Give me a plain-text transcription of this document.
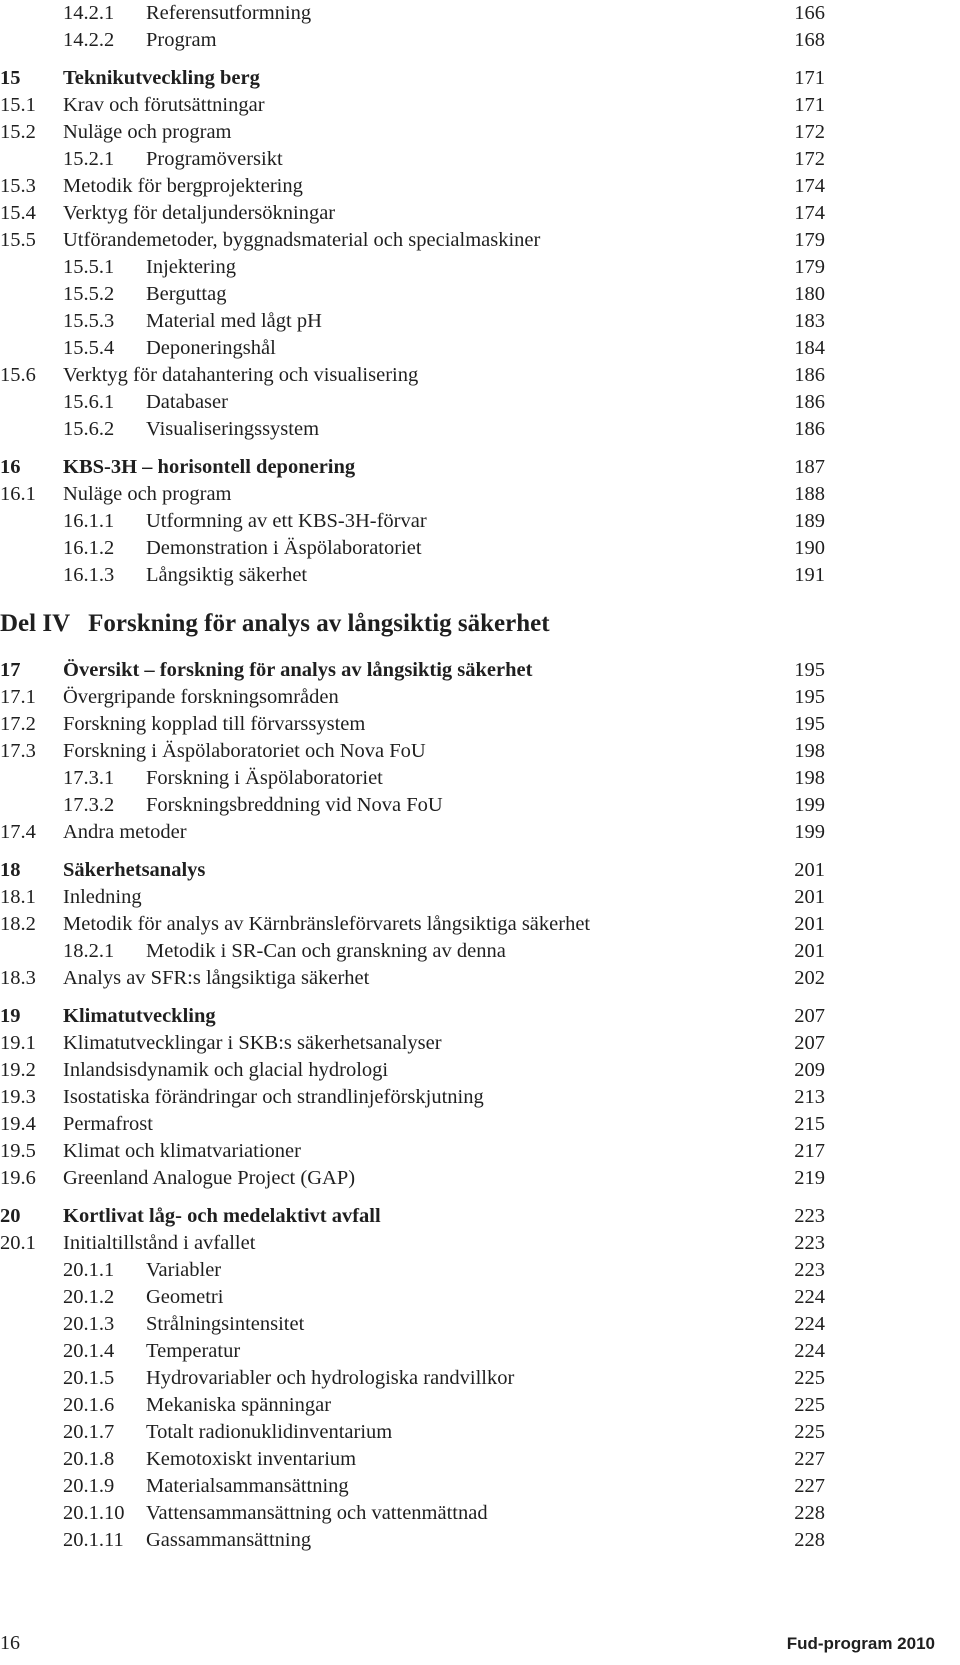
14.2.1 Referensutformning	166
14.2.2 Program	168
15 Teknikutveckling berg	171
15.1 Krav och förutsättningar	171
15.2 Nuläge och program	172
15.2.1 Programöversikt	172
15.3 Metodik för bergprojektering	174
15.4 Verktyg för detaljundersökningar	174
15.5 Utförandemetoder, byggnadsmaterial och specialmaskiner	179
15.5.1 Injektering	179
15.5.2 Berguttag	180
15.5.3 Material med lågt pH	183
15.5.4 Deponeringshål	184
15.6 Verktyg för datahantering och visualisering	186
15.6.1 Databaser	186
15.6.2 Visualiseringssystem	186
16 KBS-3H – horisontell deponering	187
16.1 Nuläge och program	188
16.1.1 Utformning av ett KBS-3H-förvar	189
16.1.2 Demonstration i Äspölaboratoriet	190
16.1.3 Långsiktig säkerhet	191
Del IV Forskning för analys av långsiktig säkerhet
17 Översikt – forskning för analys av långsiktig säkerhet	195
17.1 Övergripande forskningsområden	195
17.2 Forskning kopplad till förvarssystem	195
17.3 Forskning i Äspölaboratoriet och Nova FoU	198
17.3.1 Forskning i Äspölaboratoriet	198
17.3.2 Forskningsbreddning vid Nova FoU	199
17.4 Andra metoder	199
18 Säkerhetsanalys	201
18.1 Inledning	201
18.2 Metodik för analys av Kärnbränsleförvarets långsiktiga säkerhet	201
18.2.1 Metodik i SR-Can och granskning av denna	201
18.3 Analys av SFR:s långsiktiga säkerhet	202
19 Klimatutveckling	207
19.1 Klimatutvecklingar i SKB:s säkerhetsanalyser	207
19.2 Inlandsisdynamik och glacial hydrologi	209
19.3 Isostatiska förändringar och strandlinjeförskjutning	213
19.4 Permafrost	215
19.5 Klimat och klimatvariationer	217
19.6 Greenland Analogue Project (GAP)	219
20 Kortlivat låg- och medelaktivt avfall	223
20.1 Initialtillstånd i avfallet	223
20.1.1 Variabler	223
20.1.2 Geometri	224
20.1.3 Strålningsintensitet	224
20.1.4 Temperatur	224
20.1.5 Hydrovariabler och hydrologiska randvillkor	225
20.1.6 Mekaniska spänningar	225
20.1.7 Totalt radionuklidinventarium	225
20.1.8 Kemotoxiskt inventarium	227
20.1.9 Materialsammansättning	227
20.1.10 Vattensammansättning och vattenmättnad	228
20.1.11 Gassammansättning	228
16	Fud-program 2010
